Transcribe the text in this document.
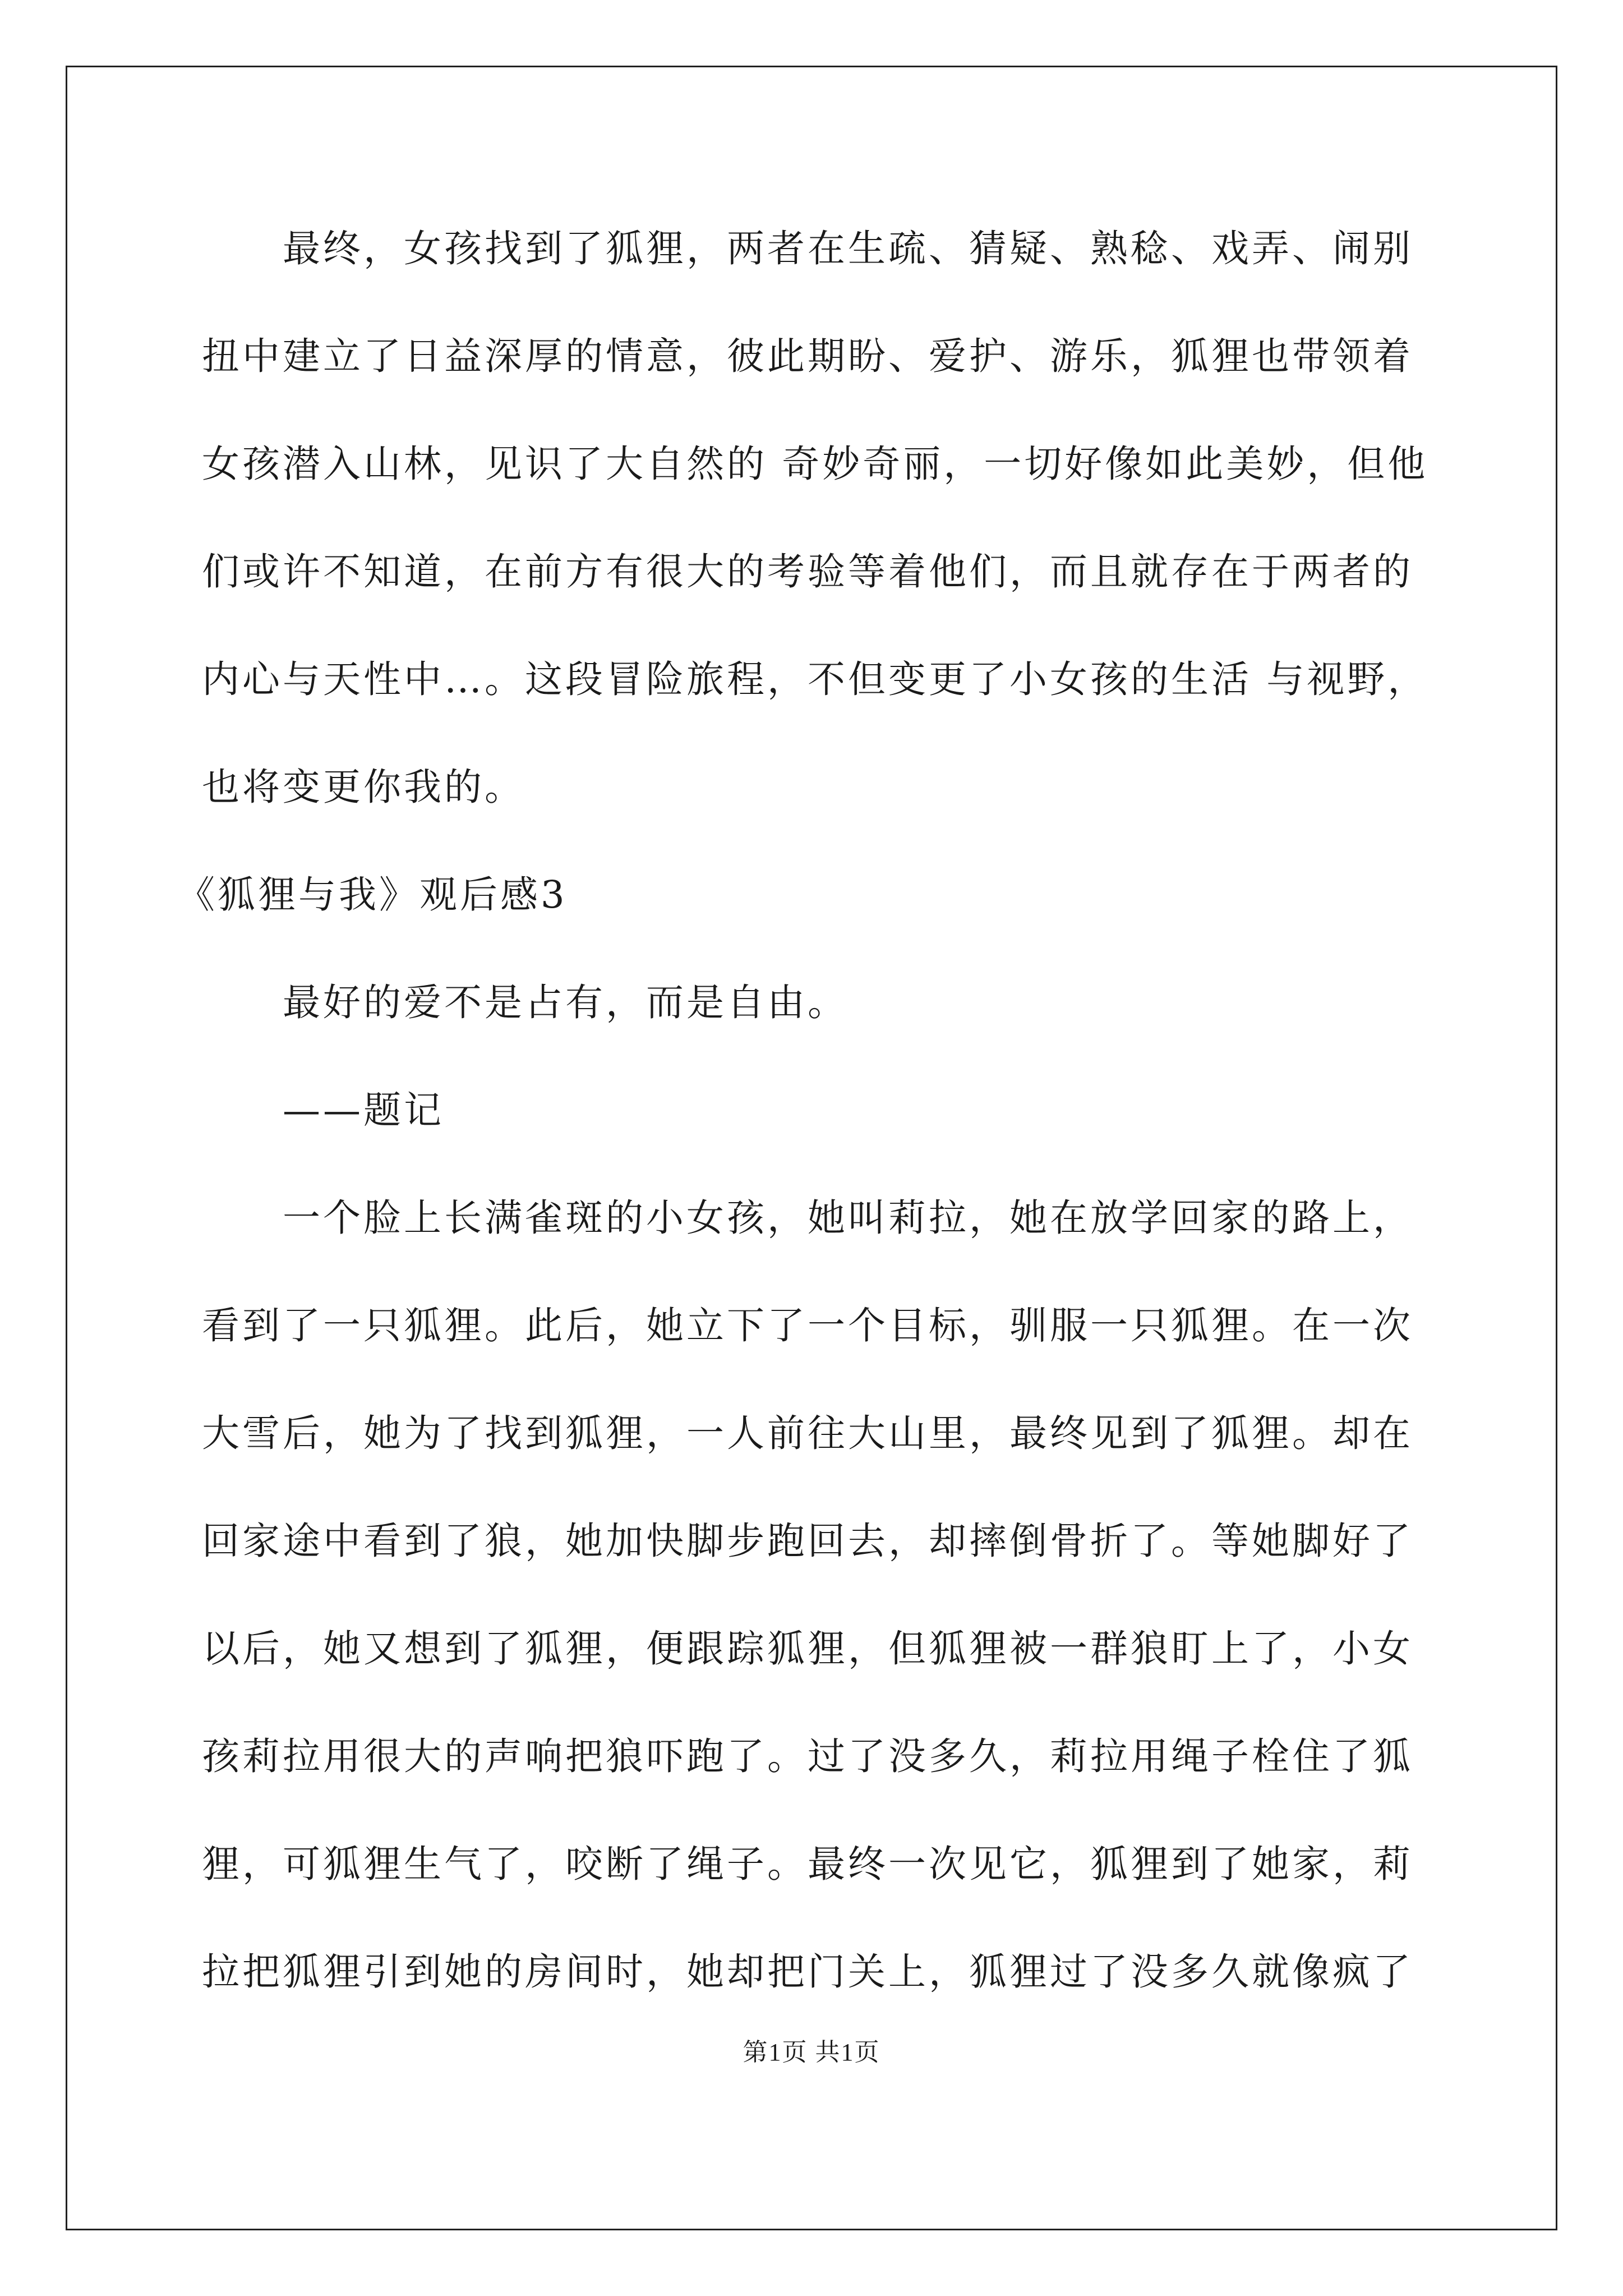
最终，女孩找到了狐狸，两者在生疏、猜疑、熟稔、戏弄、闹别
扭中建立了日益深厚的情意，彼此期盼、爱护、游乐，狐狸也带领着
女孩潜入山林，见识了大自然的 奇妙奇丽，一切好像如此美妙，但他
们或许不知道，在前方有很大的考验等着他们，而且就存在于两者的
内心与天性中…。这段冒险旅程，不但变更了小女孩的生活 与视野，
也将变更你我的。
《狐狸与我》观后感3
最好的爱不是占有，而是自由。
——题记
一个脸上长满雀斑的小女孩，她叫莉拉，她在放学回家的路上，
看到了一只狐狸。此后，她立下了一个目标，驯服一只狐狸。在一次
大雪后，她为了找到狐狸，一人前往大山里，最终见到了狐狸。却在
回家途中看到了狼，她加快脚步跑回去，却摔倒骨折了。等她脚好了
以后，她又想到了狐狸，便跟踪狐狸，但狐狸被一群狼盯上了，小女
孩莉拉用很大的声响把狼吓跑了。过了没多久，莉拉用绳子栓住了狐
狸，可狐狸生气了，咬断了绳子。最终一次见它，狐狸到了她家，莉
拉把狐狸引到她的房间时，她却把门关上，狐狸过了没多久就像疯了
第1页 共1页
